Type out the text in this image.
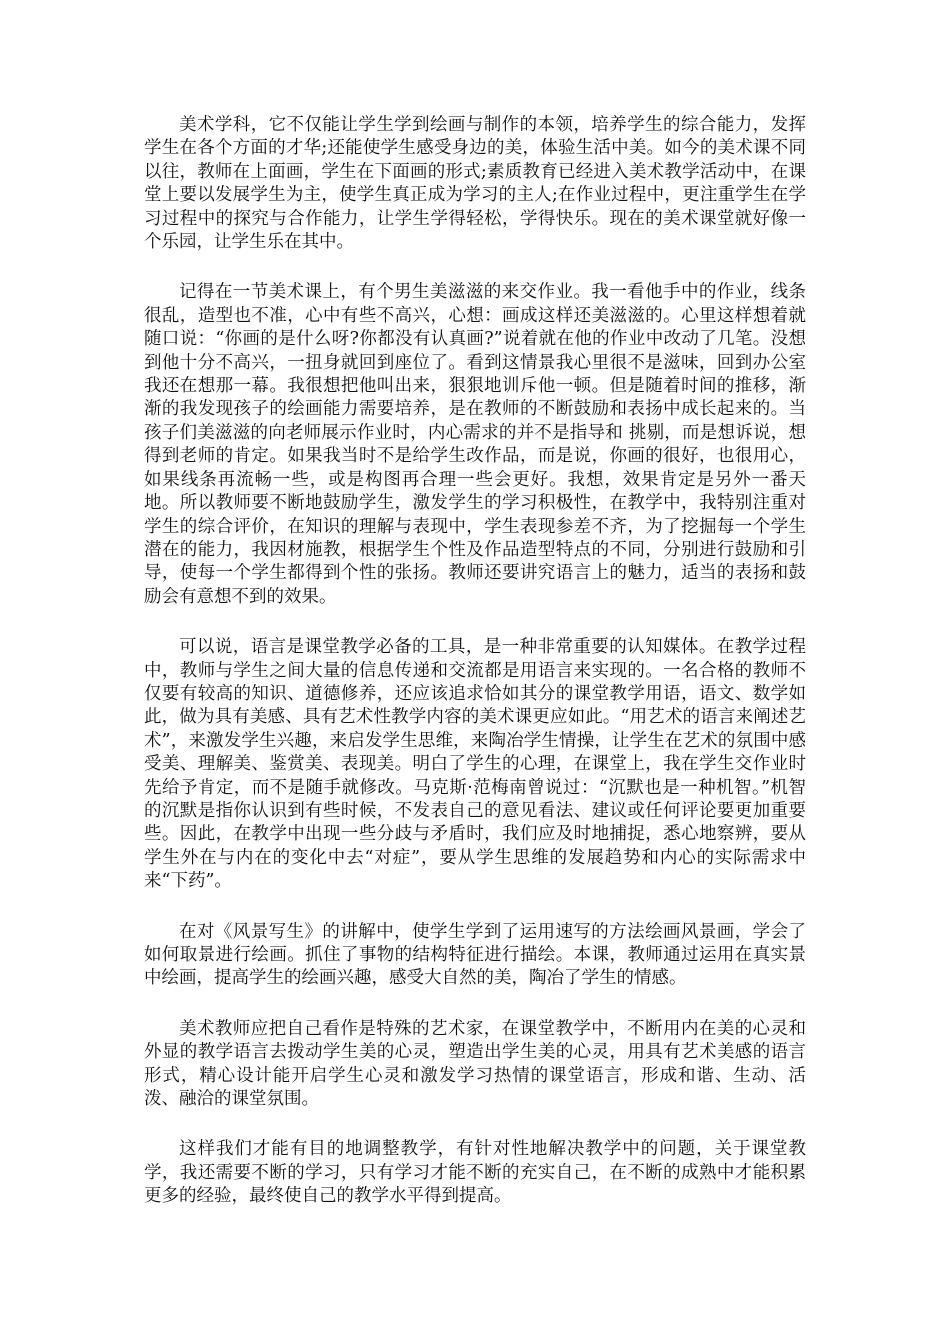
美术学科，它不仅能让学生学到绘画与制作的本领，培养学生的综合能力，发挥学生在各个方面的才华;还能使学生感受身边的美，体验生活中美。如今的美术课不同以往，教师在上面画，学生在下面画的形式;素质教育已经进入美术教学活动中，在课堂上要以发展学生为主，使学生真正成为学习的主人;在作业过程中，更注重学生在学习过程中的探究与合作能力，让学生学得轻松，学得快乐。现在的美术课堂就好像一个乐园，让学生乐在其中。

记得在一节美术课上，有个男生美滋滋的来交作业。我一看他手中的作业，线条很乱，造型也不准，心中有些不高兴，心想：画成这样还美滋滋的。心里这样想着就随口说：“你画的是什么呀?你都没有认真画?”说着就在他的作业中改动了几笔。没想到他十分不高兴，一扭身就回到座位了。看到这情景我心里很不是滋味，回到办公室我还在想那一幕。我很想把他叫出来，狠狠地训斥他一顿。但是随着时间的推移，渐渐的我发现孩子的绘画能力需要培养，是在教师的不断鼓励和表扬中成长起来的。当孩子们美滋滋的向老师展示作业时，内心需求的并不是指导和 挑剔，而是想诉说，想得到老师的肯定。如果我当时不是给学生改作品，而是说，你画的很好，也很用心，如果线条再流畅一些，或是构图再合理一些会更好。我想，效果肯定是另外一番天地。所以教师要不断地鼓励学生，激发学生的学习积极性，在教学中，我特别注重对学生的综合评价，在知识的理解与表现中，学生表现参差不齐，为了挖掘每一个学生潜在的能力，我因材施教，根据学生个性及作品造型特点的不同，分别进行鼓励和引导，使每一个学生都得到个性的张扬。教师还要讲究语言上的魅力，适当的表扬和鼓励会有意想不到的效果。

可以说，语言是课堂教学必备的工具，是一种非常重要的认知媒体。在教学过程中，教师与学生之间大量的信息传递和交流都是用语言来实现的。一名合格的教师不仅要有较高的知识、道德修养，还应该追求恰如其分的课堂教学用语，语文、数学如此，做为具有美感、具有艺术性教学内容的美术课更应如此。“用艺术的语言来阐述艺术”，来激发学生兴趣，来启发学生思维，来陶冶学生情操，让学生在艺术的氛围中感受美、理解美、鉴赏美、表现美。明白了学生的心理，在课堂上，我在学生交作业时先给予肯定，而不是随手就修改。马克斯·范梅南曾说过：“沉默也是一种机智。”机智的沉默是指你认识到有些时候，不发表自己的意见看法、建议或任何评论要更加重要些。因此，在教学中出现一些分歧与矛盾时，我们应及时地捕捉，悉心地察辨，要从学生外在与内在的变化中去“对症”，要从学生思维的发展趋势和内心的实际需求中来“下药”。

在对《风景写生》的讲解中，使学生学到了运用速写的方法绘画风景画，学会了如何取景进行绘画。抓住了事物的结构特征进行描绘。本课，教师通过运用在真实景中绘画，提高学生的绘画兴趣，感受大自然的美，陶冶了学生的情感。

美术教师应把自己看作是特殊的艺术家，在课堂教学中，不断用内在美的心灵和外显的教学语言去拨动学生美的心灵，塑造出学生美的心灵，用具有艺术美感的语言形式，精心设计能开启学生心灵和激发学习热情的课堂语言，形成和谐、生动、活泼、融洽的课堂氛围。

这样我们才能有目的地调整教学，有针对性地解决教学中的问题，关于课堂教学，我还需要不断的学习，只有学习才能不断的充实自己，在不断的成熟中才能积累更多的经验，最终使自己的教学水平得到提高。
